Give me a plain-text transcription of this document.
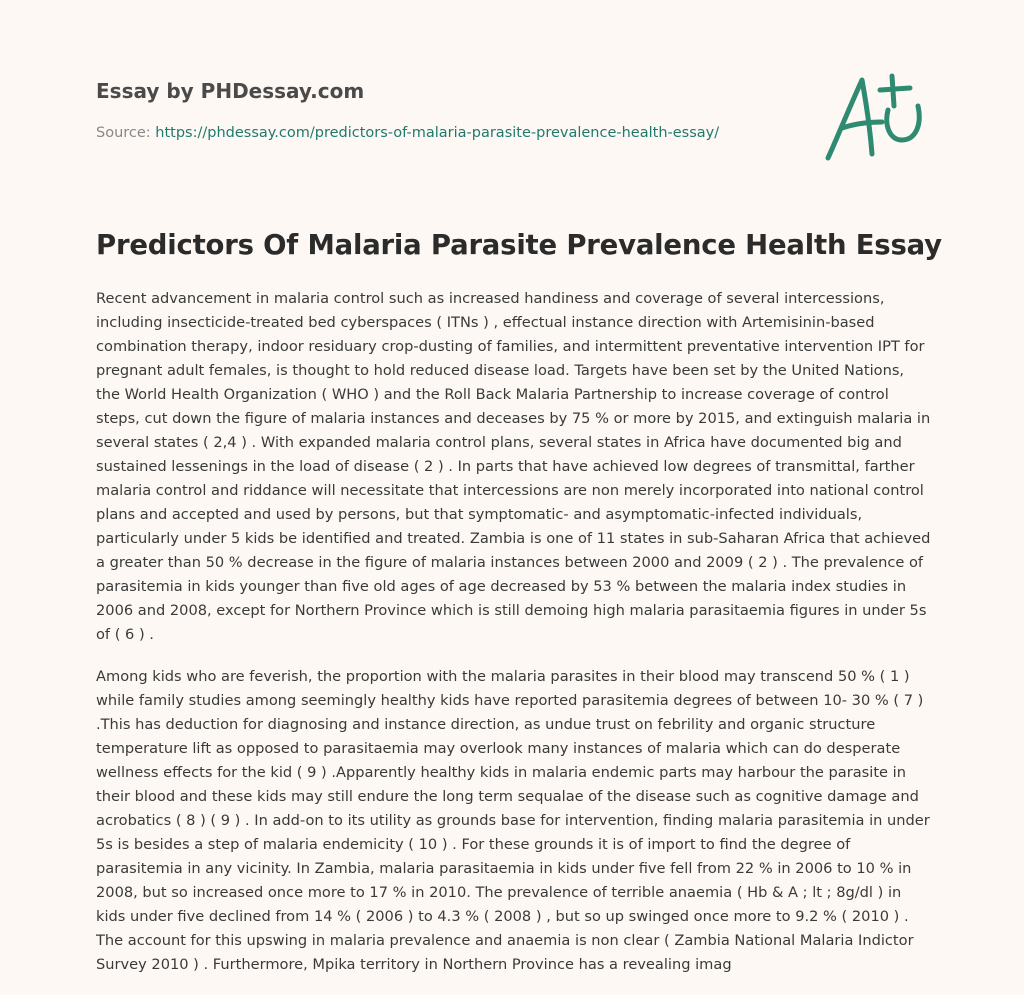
Essay by PHDessay.com
Source: https://phdessay.com/predictors-of-malaria-parasite-prevalence-health-essay/
Predictors Of Malaria Parasite Prevalence Health Essay

Recent advancement in malaria control such as increased handiness and coverage of several intercessions, including insecticide-treated bed cyberspaces ( ITNs ) , effectual instance direction with Artemisinin-based combination therapy, indoor residuary crop-dusting of families, and intermittent preventative intervention IPT for pregnant adult females, is thought to hold reduced disease load. Targets have been set by the United Nations, the World Health Organization ( WHO ) and the Roll Back Malaria Partnership to increase coverage of control steps, cut down the figure of malaria instances and deceases by 75 % or more by 2015, and extinguish malaria in several states ( 2,4 ) . With expanded malaria control plans, several states in Africa have documented big and sustained lessenings in the load of disease ( 2 ) . In parts that have achieved low degrees of transmittal, farther malaria control and riddance will necessitate that intercessions are non merely incorporated into national control plans and accepted and used by persons, but that symptomatic- and asymptomatic-infected individuals, particularly under 5 kids be identified and treated. Zambia is one of 11 states in sub-Saharan Africa that achieved a greater than 50 % decrease in the figure of malaria instances between 2000 and 2009 ( 2 ) . The prevalence of parasitemia in kids younger than five old ages of age decreased by 53 % between the malaria index studies in 2006 and 2008, except for Northern Province which is still demoing high malaria parasitaemia figures in under 5s of ( 6 ) .

Among kids who are feverish, the proportion with the malaria parasites in their blood may transcend 50 % ( 1 ) while family studies among seemingly healthy kids have reported parasitemia degrees of between 10- 30 % ( 7 ) .This has deduction for diagnosing and instance direction, as undue trust on febrility and organic structure temperature lift as opposed to parasitaemia may overlook many instances of malaria which can do desperate wellness effects for the kid ( 9 ) .Apparently healthy kids in malaria endemic parts may harbour the parasite in their blood and these kids may still endure the long term sequalae of the disease such as cognitive damage and acrobatics ( 8 ) ( 9 ) . In add-on to its utility as grounds base for intervention, finding malaria parasitemia in under 5s is besides a step of malaria endemicity ( 10 ) . For these grounds it is of import to find the degree of parasitemia in any vicinity. In Zambia, malaria parasitaemia in kids under five fell from 22 % in 2006 to 10 % in 2008, but so increased once more to 17 % in 2010. The prevalence of terrible anaemia ( Hb & A ; lt ; 8g/dl ) in kids under five declined from 14 % ( 2006 ) to 4.3 % ( 2008 ) , but so up swinged once more to 9.2 % ( 2010 ) . The account for this upswing in malaria prevalence and anaemia is non clear ( Zambia National Malaria Indictor Survey 2010 ) . Furthermore, Mpika territory in Northern Province has a revealing imag
